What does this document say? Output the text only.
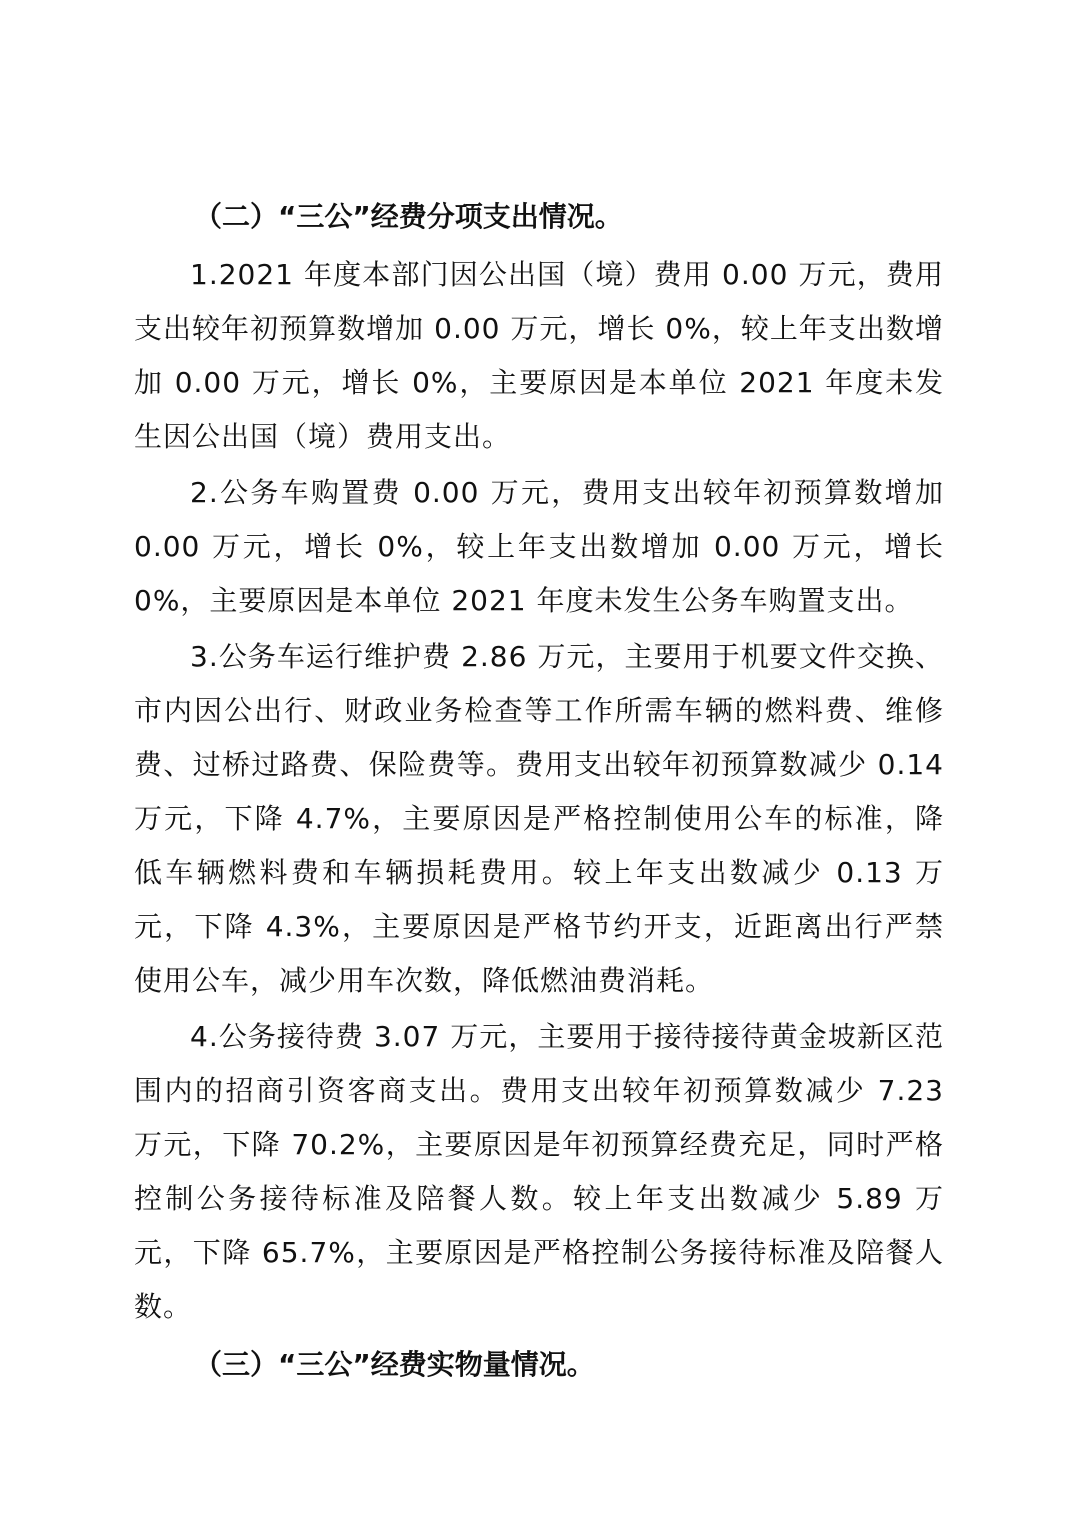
（二）“三公”经费分项支出情况。

1.2021 年度本部门因公出国（境）费用 0.00 万元，费用支出较年初预算数增加 0.00 万元，增长 0%，较上年支出数增加 0.00 万元，增长 0%，主要原因是本单位 2021 年度未发生因公出国（境）费用支出。

2.公务车购置费 0.00 万元，费用支出较年初预算数增加 0.00 万元，增长 0%，较上年支出数增加 0.00 万元，增长 0%，主要原因是本单位 2021 年度未发生公务车购置支出。

3.公务车运行维护费 2.86 万元，主要用于机要文件交换、市内因公出行、财政业务检查等工作所需车辆的燃料费、维修费、过桥过路费、保险费等。费用支出较年初预算数减少 0.14 万元，下降 4.7%，主要原因是严格控制使用公车的标准，降低车辆燃料费和车辆损耗费用。较上年支出数减少 0.13 万元，下降 4.3%，主要原因是严格节约开支，近距离出行严禁使用公车，减少用车次数，降低燃油费消耗。

4.公务接待费 3.07 万元，主要用于接待接待黄金坡新区范围内的招商引资客商支出。费用支出较年初预算数减少 7.23 万元，下降 70.2%，主要原因是年初预算经费充足，同时严格控制公务接待标准及陪餐人数。较上年支出数减少 5.89 万元，下降 65.7%，主要原因是严格控制公务接待标准及陪餐人数。

（三）“三公”经费实物量情况。
